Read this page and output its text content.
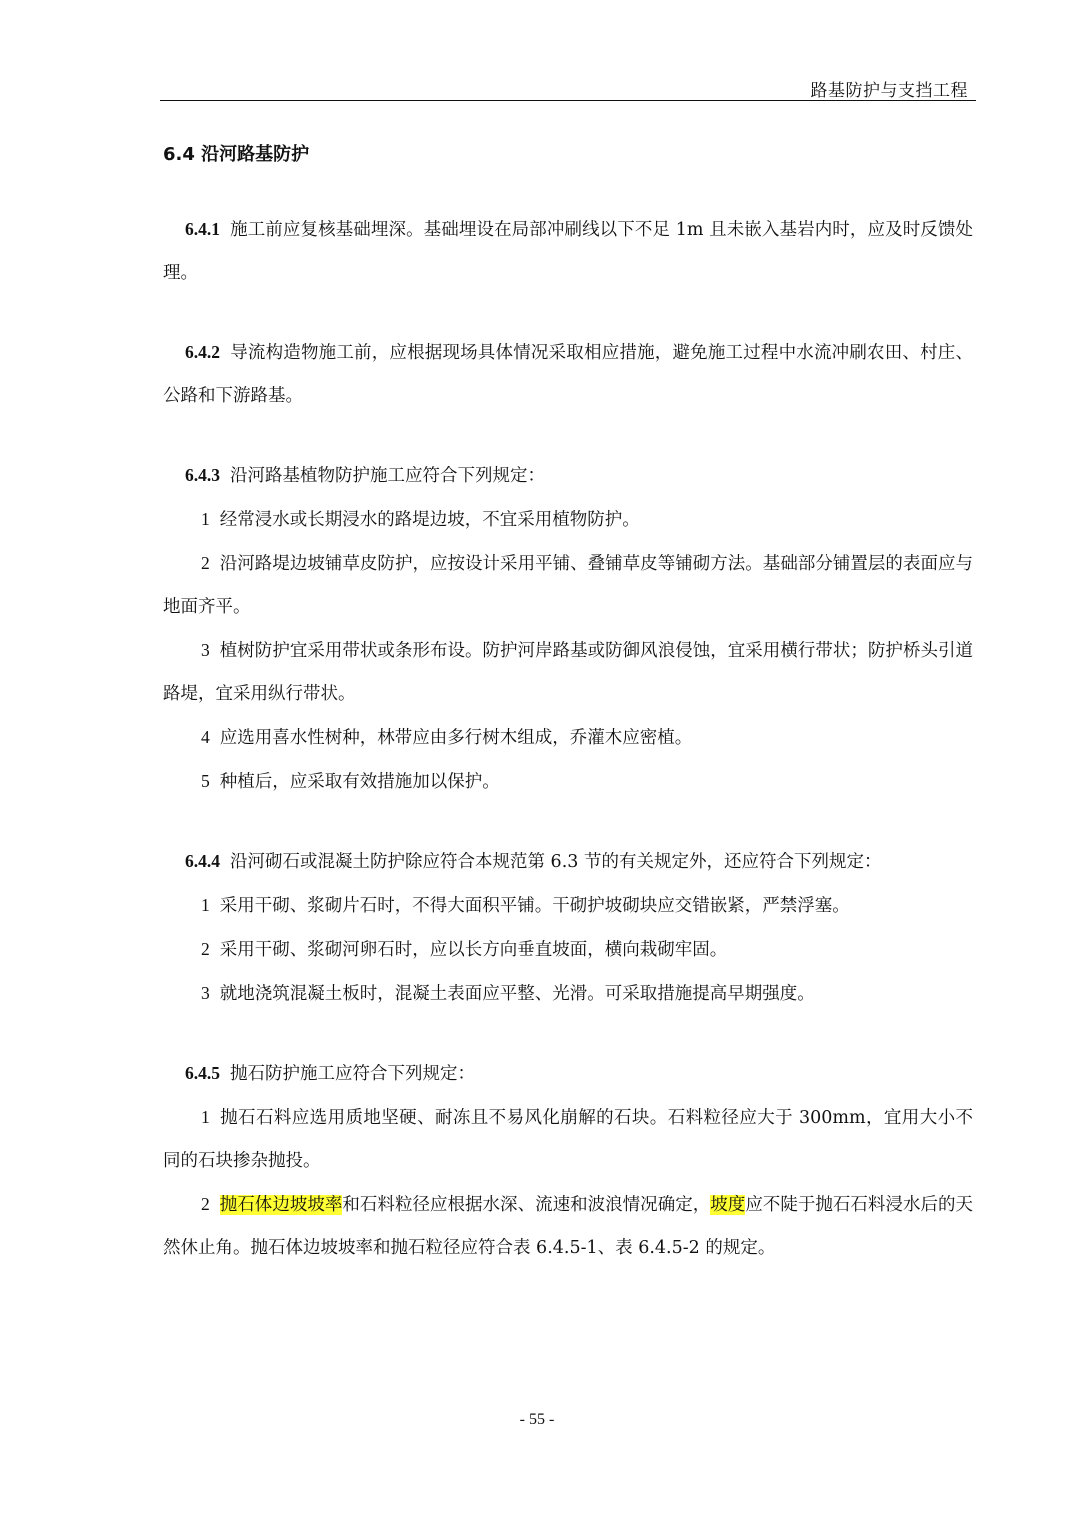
路基防护与支挡工程
6.4 沿河路基防护

6.4.1 施工前应复核基础埋深。基础埋设在局部冲刷线以下不足 1m 且未嵌入基岩内时，应及时反馈处理。

6.4.2 导流构造物施工前，应根据现场具体情况采取相应措施，避免施工过程中水流冲刷农田、村庄、公路和下游路基。

6.4.3 沿河路基植物防护施工应符合下列规定：

1 经常浸水或长期浸水的路堤边坡，不宜采用植物防护。

2 沿河路堤边坡铺草皮防护，应按设计采用平铺、叠铺草皮等铺砌方法。基础部分铺置层的表面应与地面齐平。

3 植树防护宜采用带状或条形布设。防护河岸路基或防御风浪侵蚀，宜采用横行带状；防护桥头引道路堤，宜采用纵行带状。

4 应选用喜水性树种，林带应由多行树木组成，乔灌木应密植。

5 种植后，应采取有效措施加以保护。

6.4.4 沿河砌石或混凝土防护除应符合本规范第 6.3 节的有关规定外，还应符合下列规定：

1 采用干砌、浆砌片石时，不得大面积平铺。干砌护坡砌块应交错嵌紧，严禁浮塞。

2 采用干砌、浆砌河卵石时，应以长方向垂直坡面，横向栽砌牢固。

3 就地浇筑混凝土板时，混凝土表面应平整、光滑。可采取措施提高早期强度。

6.4.5 抛石防护施工应符合下列规定：

1 抛石石料应选用质地坚硬、耐冻且不易风化崩解的石块。石料粒径应大于 300mm，宜用大小不同的石块掺杂抛投。

2 抛石体边坡坡率和石料粒径应根据水深、流速和波浪情况确定，坡度应不陡于抛石石料浸水后的天然休止角。抛石体边坡坡率和抛石粒径应符合表 6.4.5-1、表 6.4.5-2 的规定。

- 55 -
